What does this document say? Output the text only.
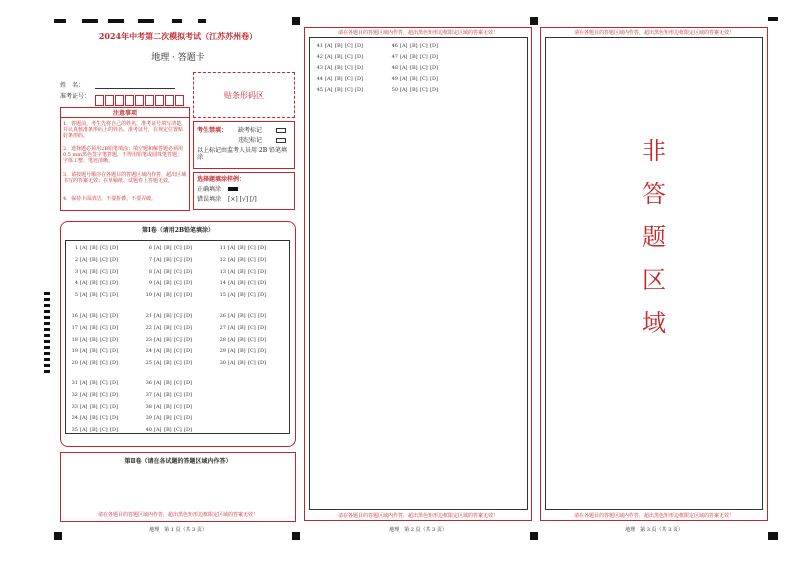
2024年中考第二次模拟考试（江苏苏州卷）
地理 · 答题卡
姓　名：
准考证号：	贴条形码区
注意事项
1．答题前，考生先将自己的姓名，准考证号填写清楚，并认真核准条形码上的姓名、准考证号，在规定位置贴好条形码。
2．选择题必须用2B铅笔填涂；填空题和解答题必须用0.5 mm黑色签字笔答题，不得用铅笔或圆珠笔答题；字体工整、笔迹清晰。
3．请按题号顺序在各题目的答题区域内作答，超出区域书写的答案无效；在草稿纸、试题卷上答题无效。
4．保持卡面清洁，不要折叠、不要弄破。
考生禁填： 缺考标记
违纪标记
以上标记由监考人员用 2B 铅笔填涂
选择题填涂样例：
正确填涂
错误填涂 [×] [√] [/]
第Ⅰ卷（请用2B铅笔填涂）
1 [A] [B] [C] [D]
2 [A] [B] [C] [D]
3 [A] [B] [C] [D]
4 [A] [B] [C] [D]
5 [A] [B] [C] [D]
6 [A] [B] [C] [D]
7 [A] [B] [C] [D]
8 [A] [B] [C] [D]
9 [A] [B] [C] [D]
10 [A] [B] [C] [D]
11 [A] [B] [C] [D]
12 [A] [B] [C] [D]
13 [A] [B] [C] [D]
14 [A] [B] [C] [D]
15 [A] [B] [C] [D]
16 [A] [B] [C] [D]
17 [A] [B] [C] [D]
18 [A] [B] [C] [D]
19 [A] [B] [C] [D]
20 [A] [B] [C] [D]
21 [A] [B] [C] [D]
22 [A] [B] [C] [D]
23 [A] [B] [C] [D]
24 [A] [B] [C] [D]
25 [A] [B] [C] [D]
26 [A] [B] [C] [D]
27 [A] [B] [C] [D]
28 [A] [B] [C] [D]
29 [A] [B] [C] [D]
30 [A] [B] [C] [D]
31 [A] [B] [C] [D]
32 [A] [B] [C] [D]
33 [A] [B] [C] [D]
34 [A] [B] [C] [D]
35 [A] [B] [C] [D]
36 [A] [B] [C] [D]
37 [A] [B] [C] [D]
38 [A] [B] [C] [D]
39 [A] [B] [C] [D]
40 [A] [B] [C] [D]
第Ⅱ卷（请在各试题的答题区域内作答）
请在各题目的答题区域内作答，超出黑色矩形边框限定区域的答案无效！
地理　第 1 页（共 3 页）
请在各题目的答题区域内作答，超出黑色矩形边框限定区域的答案无效！
41 [A] [B] [C] [D]
42 [A] [B] [C] [D]
43 [A] [B] [C] [D]
44 [A] [B] [C] [D]
45 [A] [B] [C] [D]
46 [A] [B] [C] [D]
47 [A] [B] [C] [D]
48 [A] [B] [C] [D]
49 [A] [B] [C] [D]
50 [A] [B] [C] [D]
请在各题目的答题区域内作答，超出黑色矩形边框限定区域的答案无效！
地理　第 2 页（共 3 页）
请在各题目的答题区域内作答，超出黑色矩形边框限定区域的答案无效！
非
答
题
区
域
请在各题目的答题区域内作答，超出黑色矩形边框限定区域的答案无效！
地理　第 3 页（共 3 页）
